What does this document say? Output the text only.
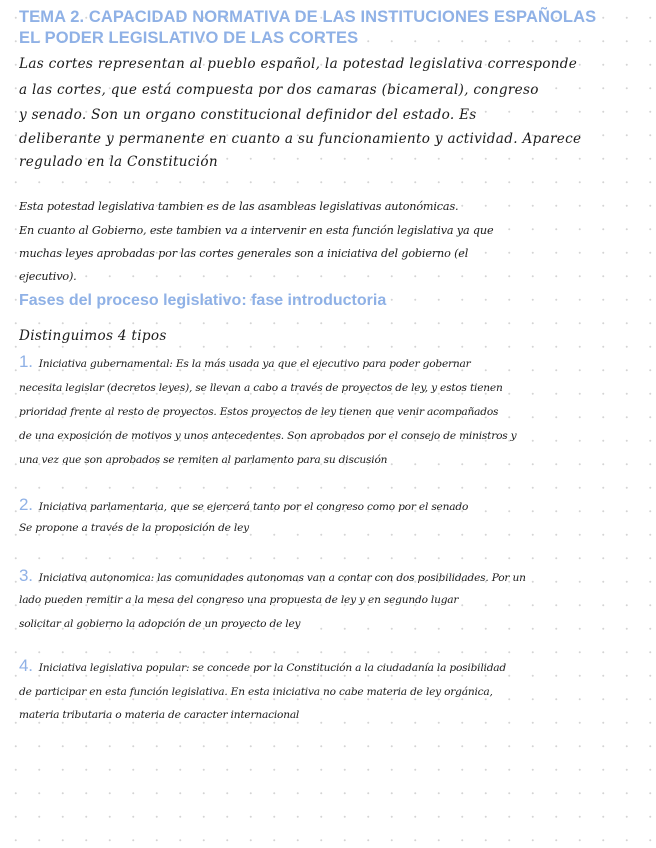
TEMA 2. CAPACIDAD NORMATIVA DE LAS INSTITUCIONES ESPAÑOLAS
EL PODER LEGISLATIVO DE LAS CORTES

Las cortes representan al pueblo español, la potestad legislativa corresponde

a las cortes, que está compuesta por dos camaras (bicameral), congreso

y senado. Son un organo constitucional definidor del estado. Es

deliberante y permanente en cuanto a su funcionamiento y actividad. Aparece

regulado en la Constitución

Esta potestad legislativa tambien es de las asambleas legislativas autonómicas.

En cuanto al Gobierno, este tambien va a intervenir en esta función legislativa ya que

muchas leyes aprobadas por las cortes generales son a iniciativa del gobierno (el

ejecutivo).

Fases del proceso legislativo: fase introductoria

Distinguimos 4 tipos

1. Iniciativa gubernamental: Es la más usada ya que el ejecutivo para poder gobernar

necesita legislar (decretos leyes), se llevan a cabo a través de proyectos de ley, y estos tienen

prioridad frente al resto de proyectos. Estos proyectos de ley tienen que venir acompañados

de una exposición de motivos y unos antecedentes. Son aprobados por el consejo de ministros y

una vez que son aprobados se remiten al parlamento para su discusión

2. Iniciativa parlamentaria, que se ejercerá tanto por el congreso como por el senado

Se propone a través de la proposición de ley

3. Iniciativa autonomica: las comunidades autonomas van a contar con dos posibilidades. Por un

lado pueden remitir a la mesa del congreso una propuesta de ley y en segundo lugar

solicitar al gobierno la adopción de un proyecto de ley

4. Iniciativa legislativa popular: se concede por la Constitución a la ciudadanía la posibilidad

de participar en esta función legislativa. En esta iniciativa no cabe materia de ley orgánica,

materia tributaria o materia de caracter internacional
